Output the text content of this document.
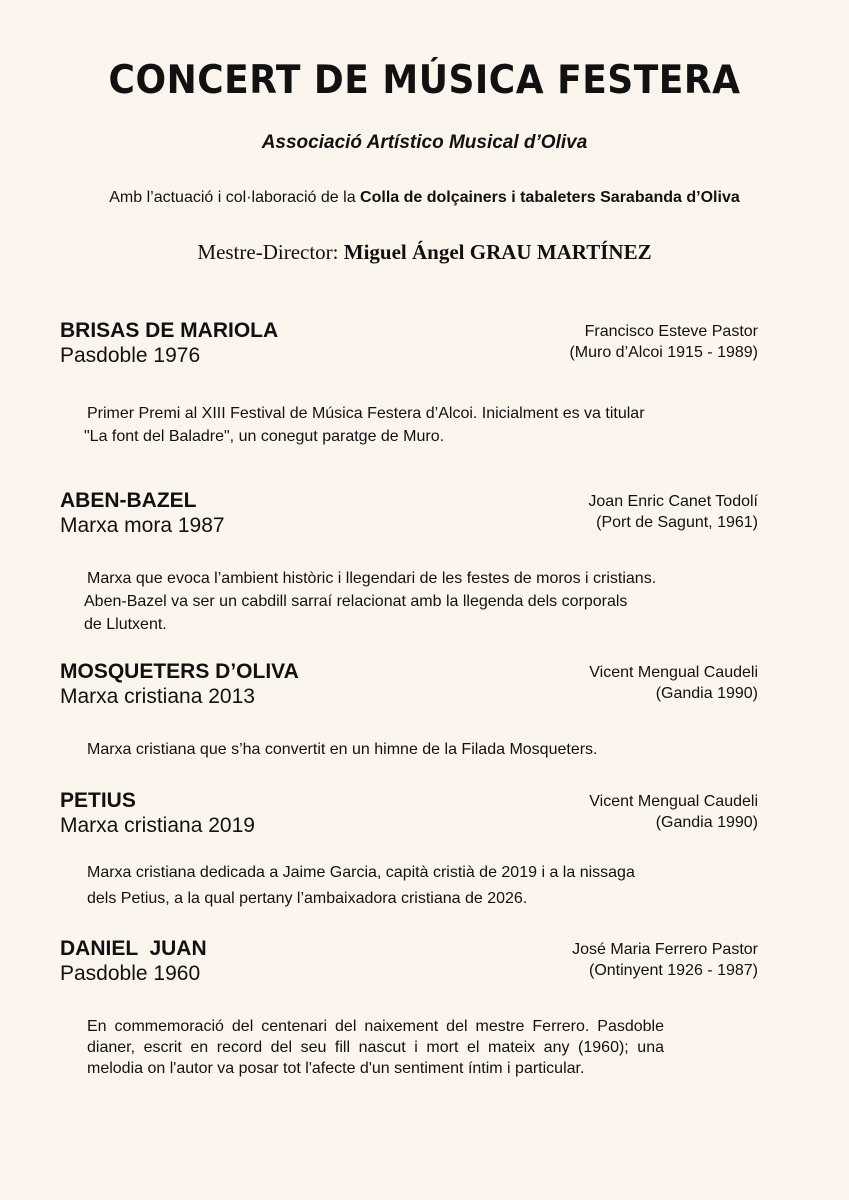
CONCERT DE MÚSICA FESTERA
Associació Artístico Musical d’Oliva
Amb l’actuació i col·laboració de la Colla de dolçainers i tabaleters Sarabanda d’Oliva
Mestre-Director: Miguel Ángel GRAU MARTÍNEZ
BRISAS DE MARIOLA
Pasdoble 1976
Francisco Esteve Pastor
(Muro d’Alcoi 1915 - 1989)
Primer Premi al XIII Festival de Música Festera d’Alcoi. Inicialment es va titular
"La font del Baladre", un conegut paratge de Muro.
ABEN-BAZEL
Marxa mora 1987
Joan Enric Canet Todolí
(Port de Sagunt, 1961)
Marxa que evoca l’ambient històric i llegendari de les festes de moros i cristians.
Aben-Bazel va ser un cabdill sarraí relacionat amb la llegenda dels corporals
de Llutxent.
MOSQUETERS D’OLIVA
Marxa cristiana 2013
Vicent Mengual Caudeli
(Gandia 1990)
Marxa cristiana que s’ha convertit en un himne de la Filada Mosqueters.
PETIUS
Marxa cristiana 2019
Vicent Mengual Caudeli
(Gandia 1990)
Marxa cristiana dedicada a Jaime Garcia, capità cristià de 2019 i a la nissaga
dels Petius, a la qual pertany l’ambaixadora cristiana de 2026.
DANIEL  JUAN
Pasdoble 1960
José Maria Ferrero Pastor
(Ontinyent 1926 - 1987)
En commemoració del centenari del naixement del mestre Ferrero. Pasdoble
dianer, escrit en record del seu fill nascut i mort el mateix any (1960); una
melodia on l'autor va posar tot l'afecte d'un sentiment íntim i particular.
